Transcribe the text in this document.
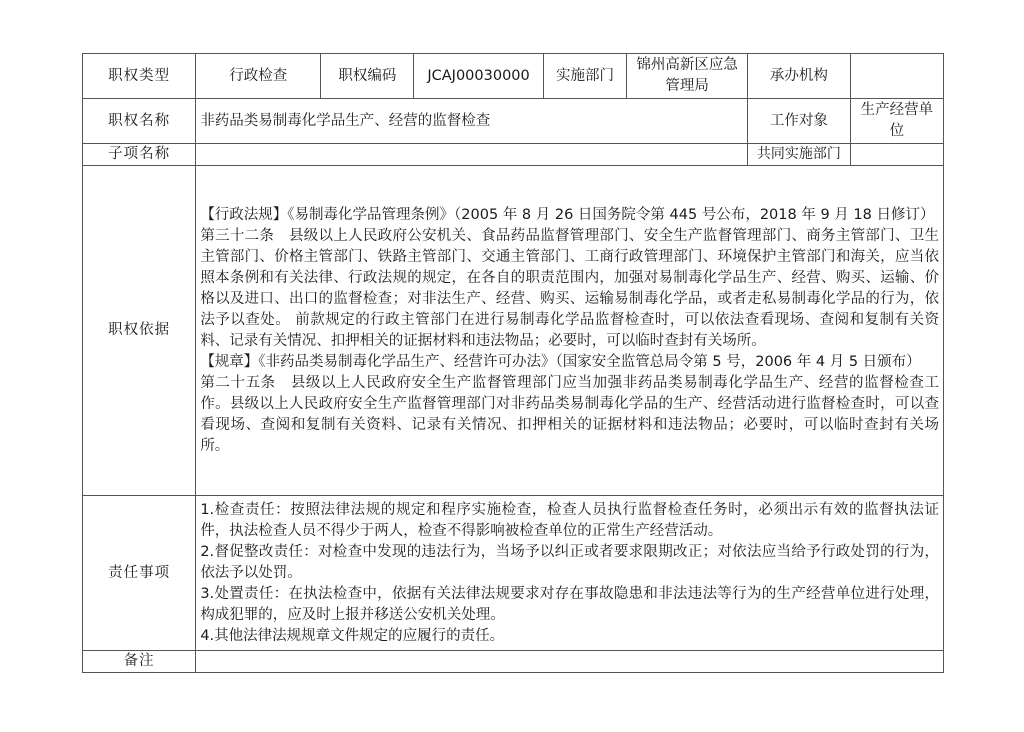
职权类型	行政检查	职权编码	JCAJ00030000	实施部门	锦州高新区应急管理局	承办机构	
职权名称	非药品类易制毒化学品生产、经营的监督检查					工作对象	生产经营单位
子项名称						共同实施部门	
职权依据	【行政法规】《易制毒化学品管理条例》（2005 年 8 月 26 日国务院令第 445 号公布，2018 年 9 月 18 日修订）

第三十二条　县级以上人民政府公安机关、食品药品监督管理部门、安全生产监督管理部门、商务主管部门、卫生主管部门、价格主管部门、铁路主管部门、交通主管部门、工商行政管理部门、环境保护主管部门和海关，应当依照本条例和有关法律、行政法规的规定，在各自的职责范围内，加强对易制毒化学品生产、经营、购买、运输、价格以及进口、出口的监督检查；对非法生产、经营、购买、运输易制毒化学品，或者走私易制毒化学品的行为，依法予以查处。 前款规定的行政主管部门在进行易制毒化学品监督检查时，可以依法查看现场、查阅和复制有关资料、记录有关情况、扣押相关的证据材料和违法物品；必要时，可以临时查封有关场所。

【规章】《非药品类易制毒化学品生产、经营许可办法》（国家安全监管总局令第 5 号，2006 年 4 月 5 日颁布）

第二十五条　县级以上人民政府安全生产监督管理部门应当加强非药品类易制毒化学品生产、经营的监督检查工作。县级以上人民政府安全生产监督管理部门对非药品类易制毒化学品的生产、经营活动进行监督检查时，可以查看现场、查阅和复制有关资料、记录有关情况、扣押相关的证据材料和违法物品；必要时，可以临时查封有关场所。						

责任事项	1.检查责任：按照法律法规的规定和程序实施检查，检查人员执行监督检查任务时，必须出示有效的监督执法证件，执法检查人员不得少于两人，检查不得影响被检查单位的正常生产经营活动。

2.督促整改责任：对检查中发现的违法行为，当场予以纠正或者要求限期改正；对依法应当给予行政处罚的行为，依法予以处罚。

3.处置责任：在执法检查中，依据有关法律法规要求对存在事故隐患和非法违法等行为的生产经营单位进行处理，构成犯罪的，应及时上报并移送公安机关处理。

4.其他法律法规规章文件规定的应履行的责任。						

备注							
